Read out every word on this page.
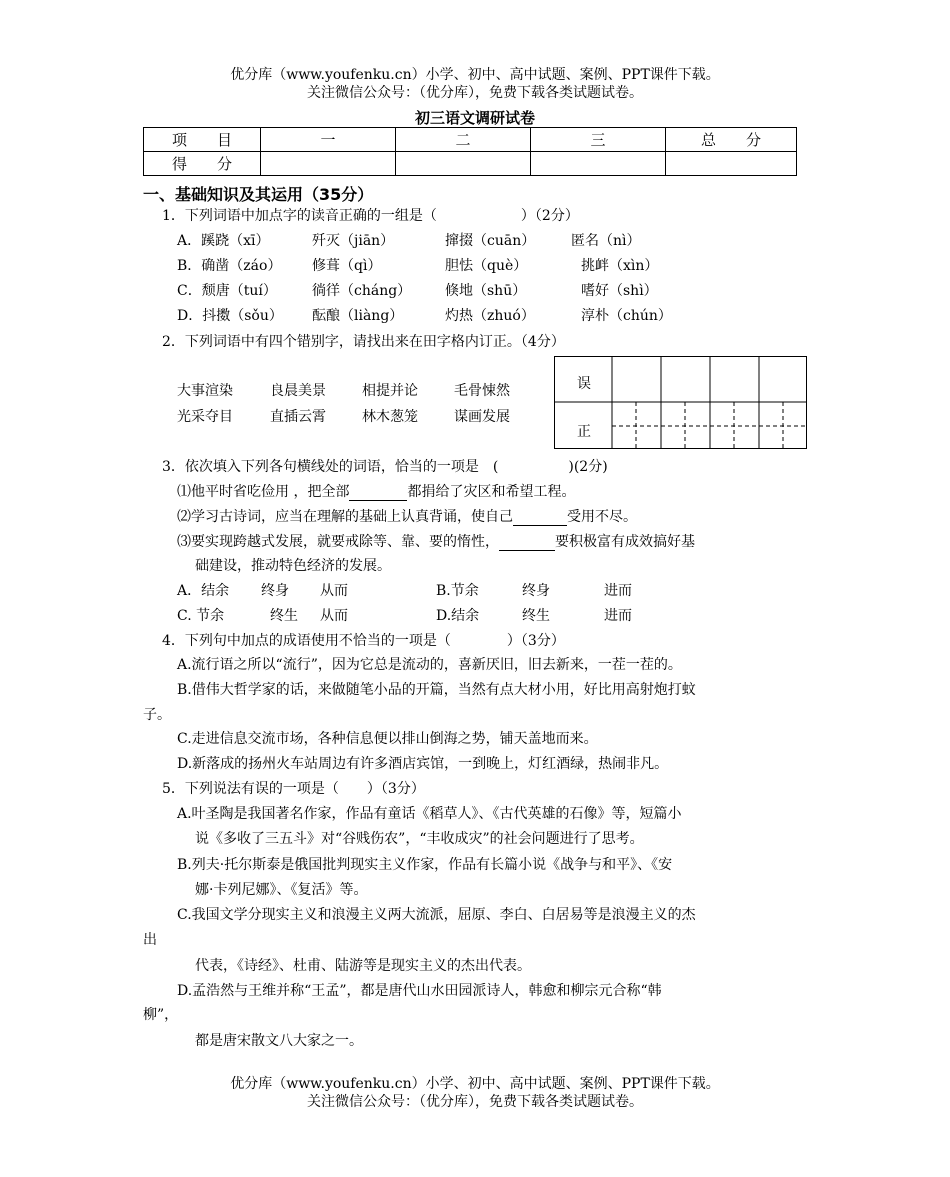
优分库（www.youfenku.cn）小学、初中、高中试题、案例、PPT课件下载。
关注微信公众号：（优分库），免费下载各类试题试卷。
初三语文调研试卷
项　　目	一	二	三	总　　分
得　　分				
一、基础知识及其运用（35分）
1．下列词语中加点字的读音正确的一组是（　　　　　　）（2分）
A．蹊跷（xī）	歼灭（jiān）	撺掇（cuān）	匿名（nì）
B．确凿（záo） 修葺（qì）	胆怯（què）	挑衅（xìn）
C．颓唐（tuí）	徜徉（cháng） 倏地（shū）	嗜好（shì）
D．抖擞（sǒu） 酝酿（liàng）	灼热（zhuó）	淳朴（chún）
2．下列词语中有四个错别字，请找出来在田字格内订正。（4分）
大事渲染	良晨美景	相提并论	毛骨悚然
光采夺目	直插云霄	林木葱笼	谋画发展
误
正
3．依次填入下列各句横线处的词语，恰当的一项是　(　　　　　)(2分)
⑴他平时省吃俭用 ，把全部	都捐给了灾区和希望工程。
⑵学习古诗词，应当在理解的基础上认真背诵，使自己	受用不尽。
⑶要实现跨越式发展，就要戒除等、靠、要的惰性，	要积极富有成效搞好基
础建设，推动特色经济的发展。
A．结余 终身 从而	B.节余	终身	进而
C. 节余	终生 从而	D.结余	终生	进而
4．下列句中加点的成语使用不恰当的一项是（　　　　）（3分）
A.流行语之所以“流行”，因为它总是流动的，喜新厌旧，旧去新来，一茬一茬的。
B.借伟大哲学家的话，来做随笔小品的开篇，当然有点大材小用，好比用高射炮打蚊
子。
C.走进信息交流市场，各种信息便以排山倒海之势，铺天盖地而来。
D.新落成的扬州火车站周边有许多酒店宾馆，一到晚上，灯红酒绿，热闹非凡。
5．下列说法有误的一项是（　　）（3分）
A.叶圣陶是我国著名作家，作品有童话《稻草人》、《古代英雄的石像》等，短篇小
说《多收了三五斗》对“谷贱伤农”，“丰收成灾”的社会问题进行了思考。
B.列夫·托尔斯泰是俄国批判现实主义作家，作品有长篇小说《战争与和平》、《安
娜·卡列尼娜》、《复活》等。
C.我国文学分现实主义和浪漫主义两大流派，屈原、李白、白居易等是浪漫主义的杰
出
代表，《诗经》、杜甫、陆游等是现实主义的杰出代表。
D.孟浩然与王维并称“王孟”，都是唐代山水田园派诗人，韩愈和柳宗元合称“韩
柳”，
都是唐宋散文八大家之一。
优分库（www.youfenku.cn）小学、初中、高中试题、案例、PPT课件下载。
关注微信公众号：（优分库），免费下载各类试题试卷。
